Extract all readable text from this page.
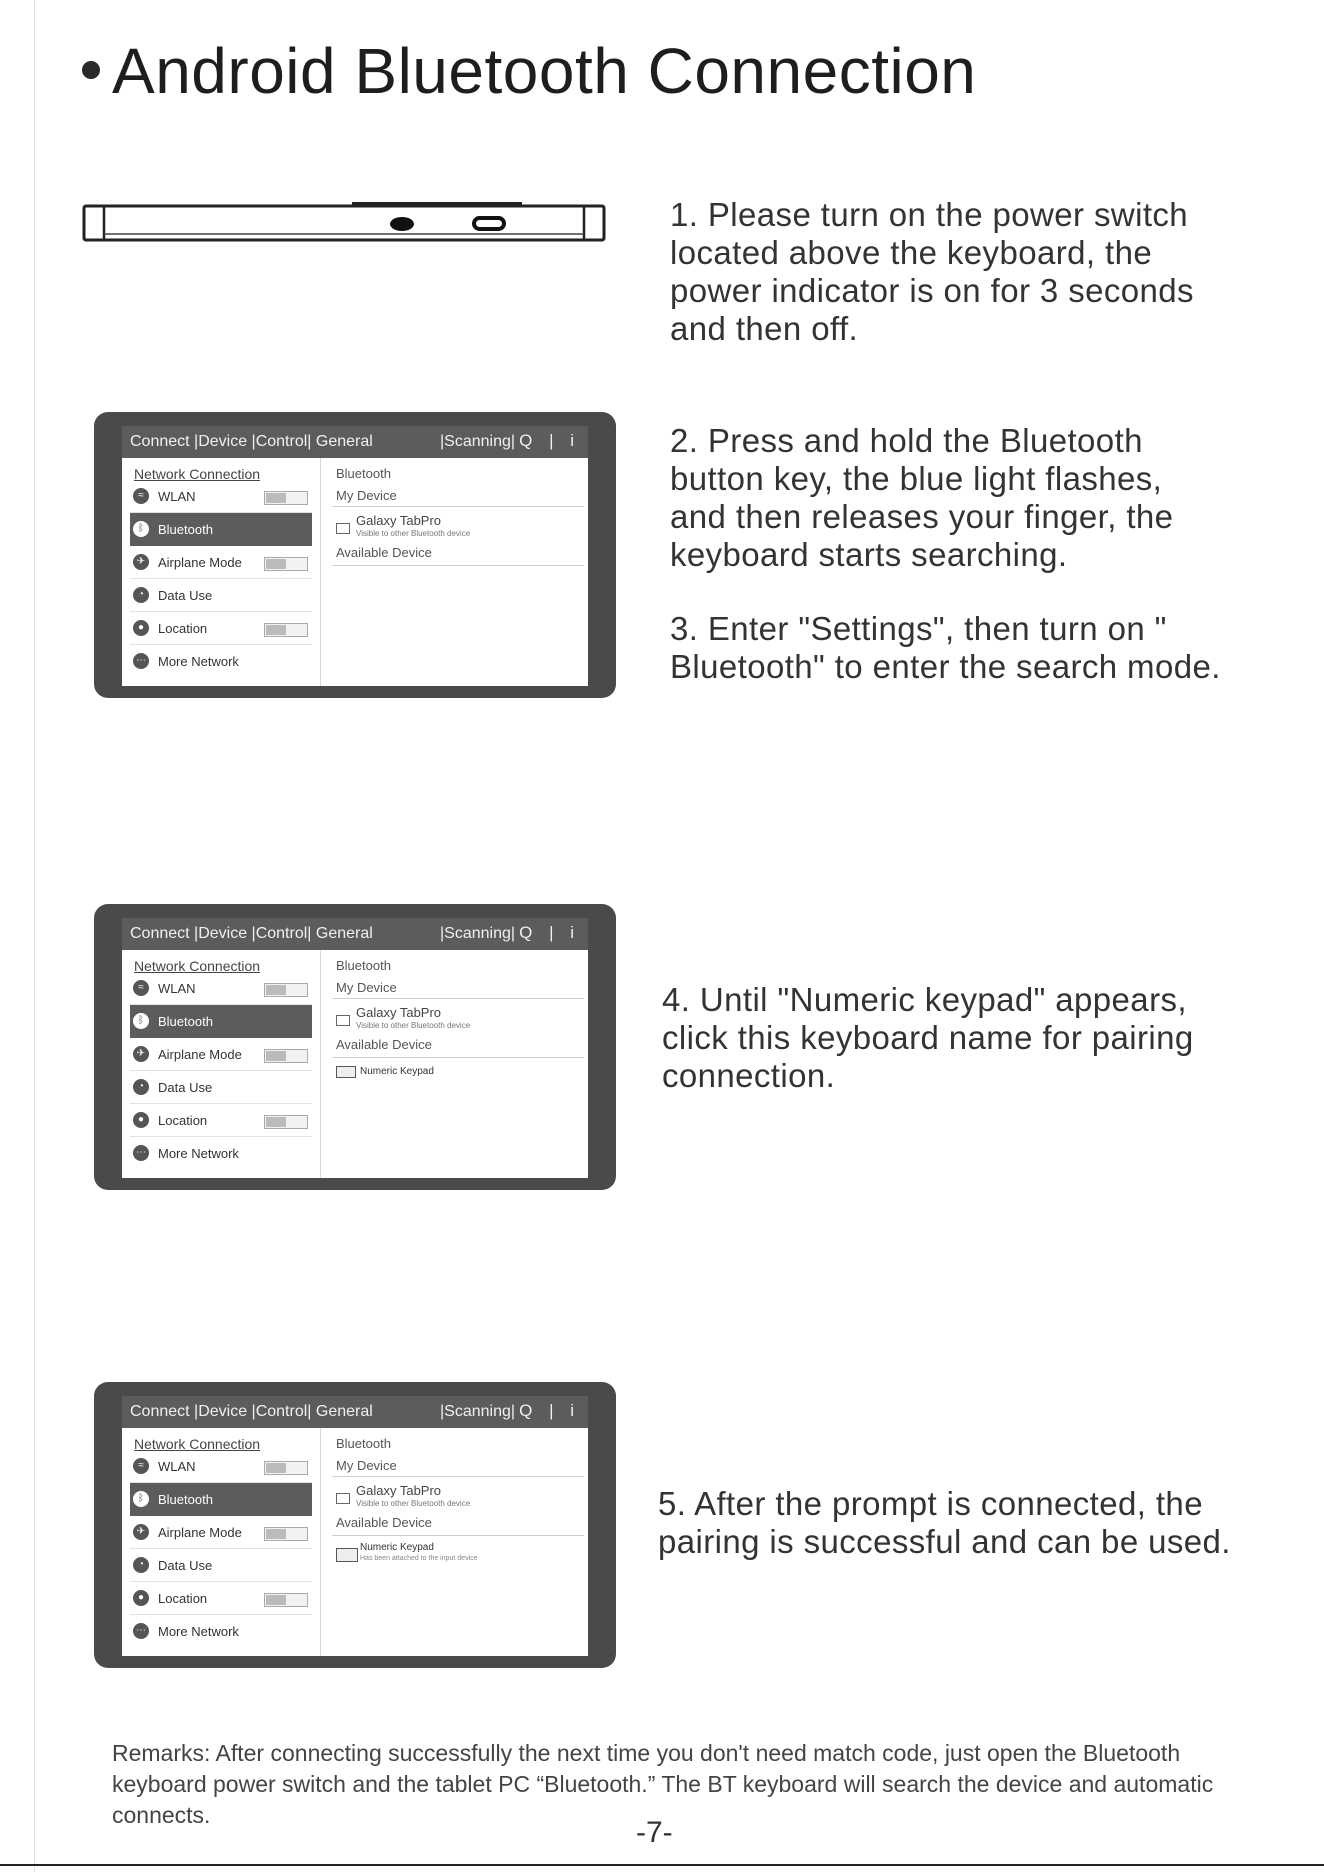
Android Bluetooth Connection
1. Please turn on the power switch
located above the keyboard, the
power indicator is on for 3 seconds
and then off.
2. Press and hold the Bluetooth
button key, the blue light flashes,
and then releases your finger, the
keyboard starts searching.
3. Enter "Settings", then turn on "
Bluetooth" to enter the search mode.
4. Until "Numeric keypad" appears,
click this keyboard name for pairing
connection.
5. After the prompt is connected, the
pairing is successful and can be used.
Connect |Device |Control| General	|Scanning| Q | i
Network Connection
≈	WLAN
ᛒ	Bluetooth
✈ Airplane Mode
◔	Data Use
●	Location
⋯ More Network
Bluetooth
My Device
Galaxy TabPro
Visible to other Bluetooth device
Available Device
Connect |Device |Control| General	|Scanning| Q | i
Network Connection
≈	WLAN
ᛒ	Bluetooth
✈ Airplane Mode
◔	Data Use
●	Location
⋯ More Network
Bluetooth
My Device
Galaxy TabPro
Visible to other Bluetooth device
Available Device
Numeric Keypad
Connect |Device |Control| General	|Scanning| Q | i
Network Connection
≈	WLAN
ᛒ	Bluetooth
✈ Airplane Mode
◔	Data Use
●	Location
⋯ More Network
Bluetooth
My Device
Galaxy TabPro
Visible to other Bluetooth device
Available Device
Numeric Keypad
Has been attached to the input device
Remarks: After connecting successfully the next time you don't need match code, just open the Bluetooth keyboard power switch and the tablet PC “Bluetooth.” The BT keyboard will search the device and automatic connects.
-7-
